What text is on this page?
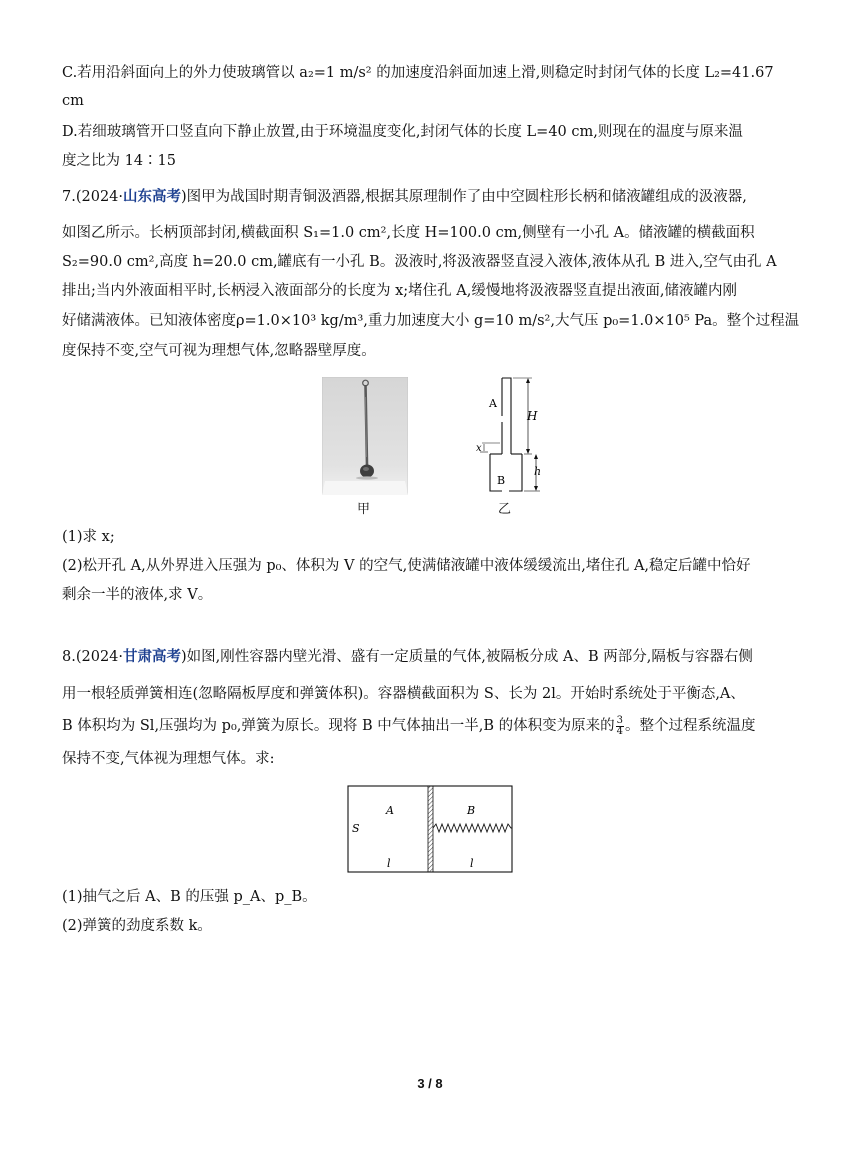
C.若用沿斜面向上的外力使玻璃管以 a₂=1 m/s² 的加速度沿斜面加速上滑,则稳定时封闭气体的长度 L₂=41.67
cm
D.若细玻璃管开口竖直向下静止放置,由于环境温度变化,封闭气体的长度 L=40 cm,则现在的温度与原来温
度之比为 14∶15
7.(2024·山东高考)图甲为战国时期青铜汲酒器,根据其原理制作了由中空圆柱形长柄和储液罐组成的汲液器,
如图乙所示。长柄顶部封闭,横截面积 S₁=1.0 cm²,长度 H=100.0 cm,侧壁有一小孔 A。储液罐的横截面积
S₂=90.0 cm²,高度 h=20.0 cm,罐底有一小孔 B。汲液时,将汲液器竖直浸入液体,液体从孔 B 进入,空气由孔 A
排出;当内外液面相平时,长柄浸入液面部分的长度为 x;堵住孔 A,缓慢地将汲液器竖直提出液面,储液罐内刚
好储满液体。已知液体密度ρ=1.0×10³ kg/m³,重力加速度大小 g=10 m/s²,大气压 p₀=1.0×10⁵ Pa。整个过程温
度保持不变,空气可视为理想气体,忽略器壁厚度。
甲
A
H
x
h
B
乙
(1)求 x;
(2)松开孔 A,从外界进入压强为 p₀、体积为 V 的空气,使满储液罐中液体缓缓流出,堵住孔 A,稳定后罐中恰好
剩余一半的液体,求 V。
8.(2024·甘肃高考)如图,刚性容器内壁光滑、盛有一定质量的气体,被隔板分成 A、B 两部分,隔板与容器右侧
用一根轻质弹簧相连(忽略隔板厚度和弹簧体积)。容器横截面积为 S、长为 2l。开始时系统处于平衡态,A、
B 体积均为 Sl,压强均为 p₀,弹簧为原长。现将 B 中气体抽出一半,B 的体积变为原来的 $\frac{3}{4}$ 。整个过程系统温度
保持不变,气体视为理想气体。求:
A	B
S
l	l
(1)抽气之后 A、B 的压强 p_A、p_B。
(2)弹簧的劲度系数 k。
3 / 8
